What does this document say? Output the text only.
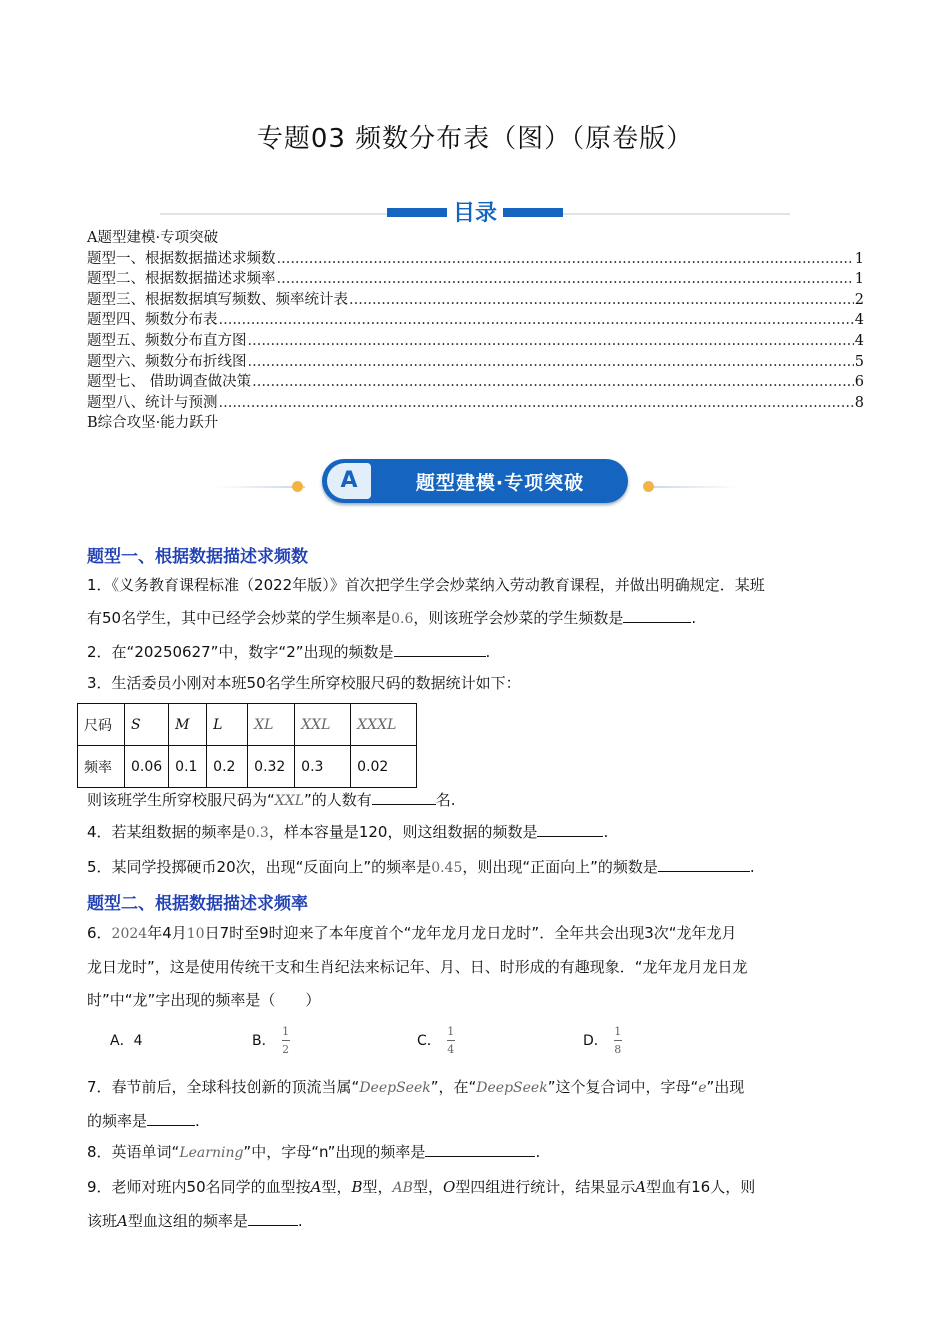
专题03 频数分布表（图）（原卷版）
目录
A题型建模·专项突破
题型一、根据数据描述求频数 .....	1
题型二、根据数据描述求频率 .....	1
题型三、根据数据填写频数、频率统计表 .....	2
题型四、频数分布表 .....	4
题型五、频数分布直方图 .....	4
题型六、频数分布折线图 .....	5
题型七、 借助调查做决策 .....	6
题型八、统计与预测 .....	8
B综合攻坚·能力跃升
A	题型建模·专项突破
题型一、根据数据描述求频数
1．《义务教育课程标准（2022年版）》首次把学生学会炒菜纳入劳动教育课程，并做出明确规定．某班
有50名学生，其中已经学会炒菜的学生频率是0.6，则该班学会炒菜的学生频数是	.
2．在“20250627”中，数字“2”出现的频数是	.
3．生活委员小刚对本班50名学生所穿校服尺码的数据统计如下：
尺码	S	M	L	XL	XXL	XXXL
频率	0.06	0.1	0.2	0.32	0.3	0.02
则该班学生所穿校服尺码为“XXL”的人数有	名.
4．若某组数据的频率是0.3，样本容量是120，则这组数据的频数是	.
5．某同学投掷硬币20次，出现“反面向上”的频率是0.45，则出现“正面向上”的频数是	.
题型二、根据数据描述求频率
6．2024年4月10日7时至9时迎来了本年度首个“龙年龙月龙日龙时”．全年共会出现3次“龙年龙月
龙日龙时”，这是使用传统干支和生肖纪法来标记年、月、日、时形成的有趣现象．“龙年龙月龙日龙
时”中“龙”字出现的频率是（　　）
A．4	B． $\frac{1}{2}$	C． $\frac{1}{4}$	D． $\frac{1}{8}$
7．春节前后，全球科技创新的顶流当属“DeepSeek”，在“DeepSeek”这个复合词中，字母“e”出现
的频率是	.
8．英语单词“Learning”中，字母“n”出现的频率是	.
9．老师对班内50名同学的血型按A型，B型，AB型，O型四组进行统计，结果显示A型血有16人，则
该班A型血这组的频率是	.
